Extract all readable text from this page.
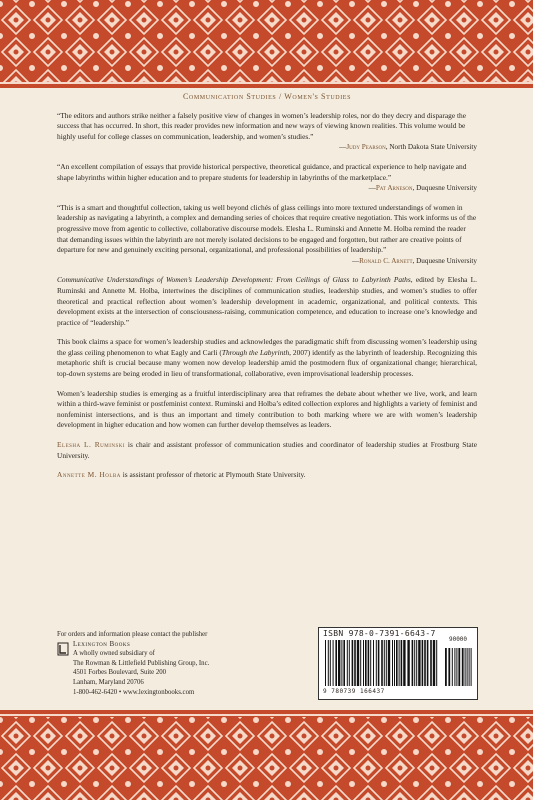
Communication Studies / Women's Studies
“The editors and authors strike neither a falsely positive view of changes in women’s leadership roles, nor do they decry and disparage the success that has occurred. In short, this reader provides new information and new ways of viewing known realities. This volume would be highly useful for college classes on communication, leadership, and women’s studies.”
—Judy Pearson, North Dakota State University
“An excellent compilation of essays that provide historical perspective, theoretical guidance, and practical experience to help navigate and shape labyrinths within higher education and to prepare students for leadership in labyrinths of the marketplace.”
—Pat Arneson, Duquesne University
“This is a smart and thoughtful collection, taking us well beyond clichés of glass ceilings into more textured understandings of women in leadership as navigating a labyrinth, a complex and demanding series of choices that require creative negotiation. This work informs us of the progressive move from agentic to collective, collaborative discourse models. Elesha L. Ruminski and Annette M. Holba remind the reader that demanding issues within the labyrinth are not merely isolated decisions to be engaged and forgotten, but rather are creative points of departure for new and genuinely exciting personal, organizational, and professional possibilities of leadership.”
—Ronald C. Arnett, Duquesne University

Communicative Understandings of Women’s Leadership Development: From Ceilings of Glass to Labyrinth Paths, edited by Elesha L. Ruminski and Annette M. Holba, intertwines the disciplines of communication studies, leadership studies, and women’s studies to offer theoretical and practical reflection about women’s leadership development in academic, organizational, and political contexts. This development exists at the intersection of consciousness-raising, communication competence, and education to increase one’s knowledge and practice of “leadership.”

This book claims a space for women’s leadership studies and acknowledges the paradigmatic shift from discussing women’s leadership using the glass ceiling phenomenon to what Eagly and Carli (Through the Labyrinth, 2007) identify as the labyrinth of leadership. Recognizing this metaphoric shift is crucial because many women now develop leadership amid the postmodern flux of organizational change; hierarchical, top-down systems are being eroded in lieu of transformational, collaborative, even improvisational leadership processes.

Women’s leadership studies is emerging as a fruitful interdisciplinary area that reframes the debate about whether we live, work, and learn within a third-wave feminist or postfeminist context. Ruminski and Holba’s edited collection explores and highlights a variety of feminist and nonfeminist intersections, and is thus an important and timely contribution to both marking where we are with women’s leadership development in higher education and how women can further develop themselves as leaders.

Elesha L. Ruminski is chair and assistant professor of communication studies and coordinator of leadership studies at Frostburg State University.

Annette M. Holba is assistant professor of rhetoric at Plymouth State University.

For orders and information please contact the publisher
Lexington Books
A wholly owned subsidiary of
The Rowman & Littlefield Publishing Group, Inc.
4501 Forbes Boulevard, Suite 200
Lanham, Maryland 20706
1-800-462-6420 • www.lexingtonbooks.com
ISBN 978-0-7391-6643-7
9 780739 166437
90000
